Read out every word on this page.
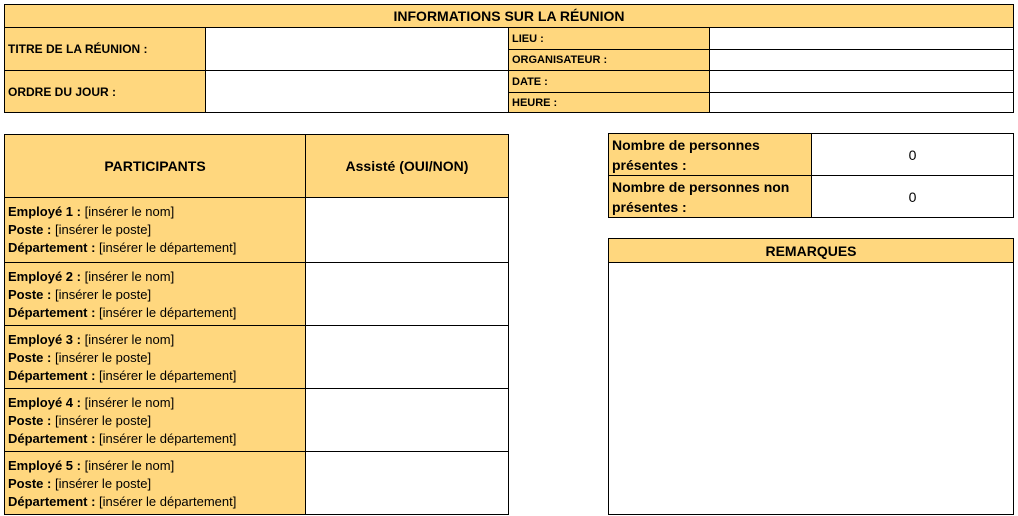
INFORMATIONS SUR LA RÉUNION
TITRE DE LA RÉUNION :
ORDRE DU JOUR :
LIEU :
ORGANISATEUR :
DATE :
HEURE :
PARTICIPANTS	Assisté (OUI/NON)
Employé 1 : [insérer le nom]
Poste : [insérer le poste]
Département : [insérer le département]
Employé 2 : [insérer le nom]
Poste : [insérer le poste]
Département : [insérer le département]
Employé 3 : [insérer le nom]
Poste : [insérer le poste]
Département : [insérer le département]
Employé 4 : [insérer le nom]
Poste : [insérer le poste]
Département : [insérer le département]
Employé 5 : [insérer le nom]
Poste : [insérer le poste]
Département : [insérer le département]
Nombre de personnes présentes :
0
Nombre de personnes non présentes :
0
REMARQUES
